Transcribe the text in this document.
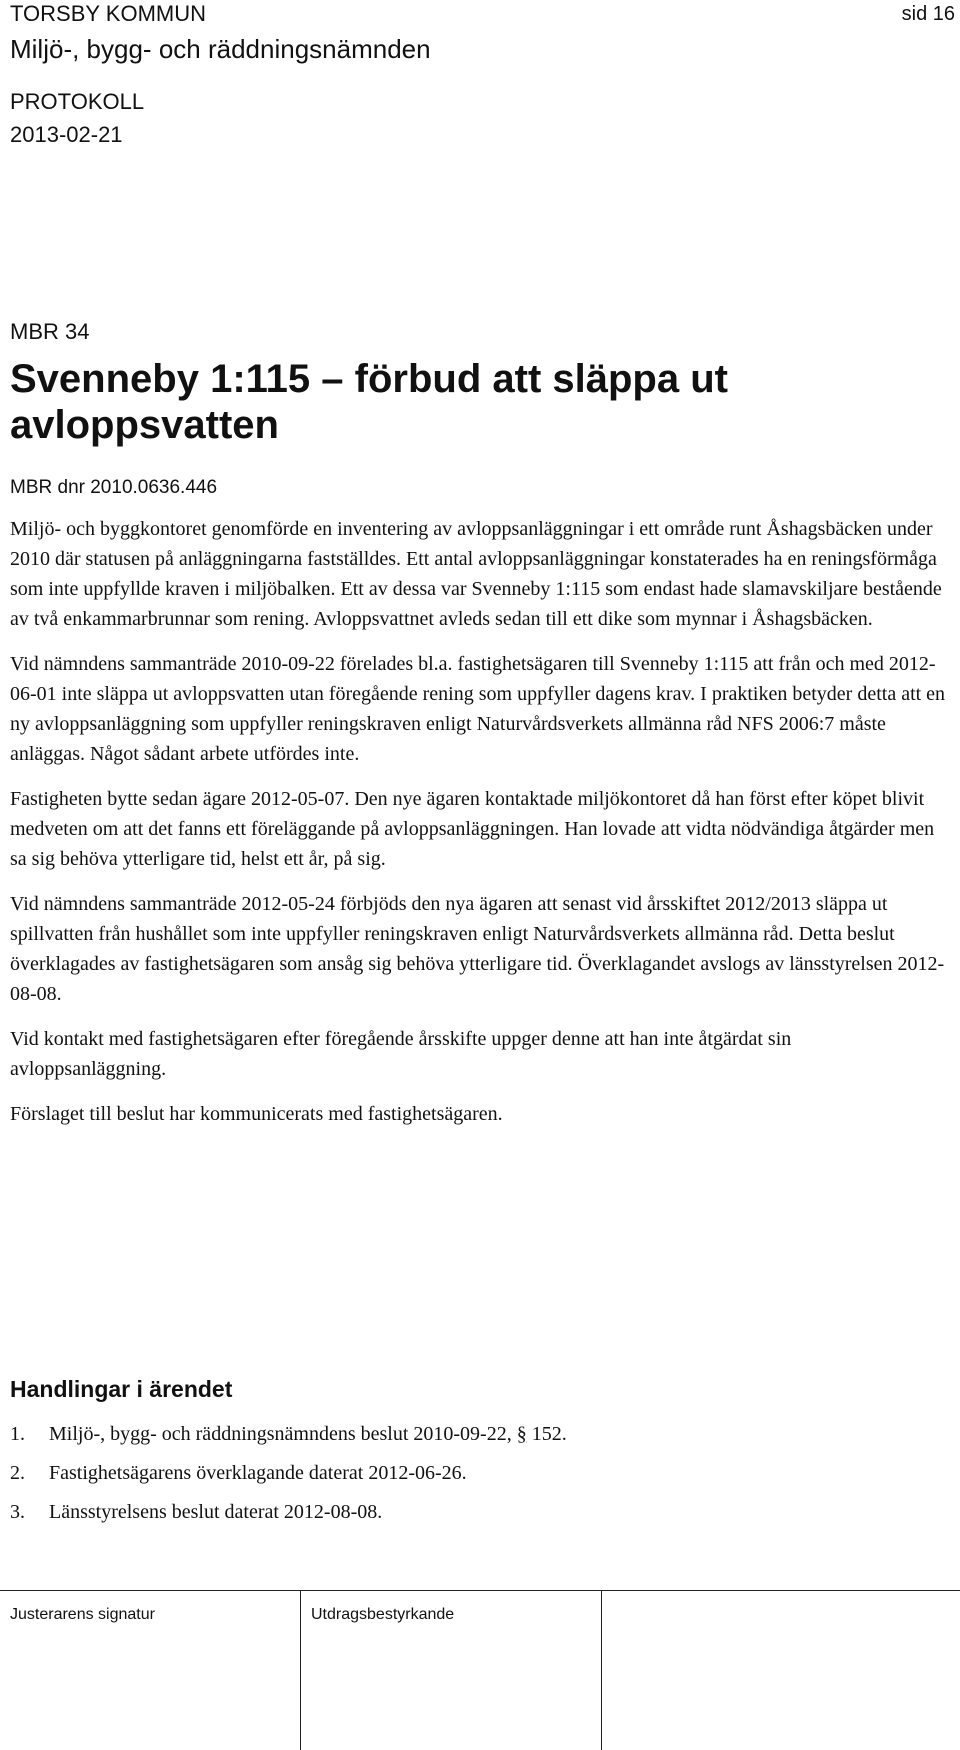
TORSBY KOMMUN
Miljö-, bygg- och räddningsnämnden
sid 16
PROTOKOLL
2013-02-21
MBR 34
Svenneby 1:115 – förbud att släppa ut avloppsvatten
MBR dnr 2010.0636.446

Miljö- och byggkontoret genomförde en inventering av avloppsanläggningar i ett område runt Åshagsbäcken under 2010 där statusen på anläggningarna fastställdes. Ett antal avloppsanläggningar konstaterades ha en reningsförmåga som inte uppfyllde kraven i miljöbalken. Ett av dessa var Svenneby 1:115 som endast hade slamavskiljare bestående av två enkammarbrunnar som rening. Avloppsvattnet avleds sedan till ett dike som mynnar i Åshagsbäcken.

Vid nämndens sammanträde 2010-09-22 förelades bl.a. fastighetsägaren till Svenneby 1:115 att från och med 2012-06-01 inte släppa ut avloppsvatten utan föregående rening som uppfyller dagens krav. I praktiken betyder detta att en ny avloppsanläggning som uppfyller reningskraven enligt Naturvårdsverkets allmänna råd NFS 2006:7 måste anläggas. Något sådant arbete utfördes inte.

Fastigheten bytte sedan ägare 2012-05-07. Den nye ägaren kontaktade miljökontoret då han först efter köpet blivit medveten om att det fanns ett föreläggande på avloppsanläggningen. Han lovade att vidta nödvändiga åtgärder men sa sig behöva ytterligare tid, helst ett år, på sig.

Vid nämndens sammanträde 2012-05-24 förbjöds den nya ägaren att senast vid årsskiftet 2012/2013 släppa ut spillvatten från hushållet som inte uppfyller reningskraven enligt Naturvårdsverkets allmänna råd. Detta beslut överklagades av fastighetsägaren som ansåg sig behöva ytterligare tid. Överklagandet avslogs av länsstyrelsen 2012-08-08.

Vid kontakt med fastighetsägaren efter föregående årsskifte uppger denne att han inte åtgärdat sin avloppsanläggning.

Förslaget till beslut har kommunicerats med fastighetsägaren.

Handlingar i ärendet
1.	Miljö-, bygg- och räddningsnämndens beslut 2010-09-22, § 152.
2.	Fastighetsägarens överklagande daterat 2012-06-26.
3.	Länsstyrelsens beslut daterat 2012-08-08.
Justerarens signatur	Utdragsbestyrkande
